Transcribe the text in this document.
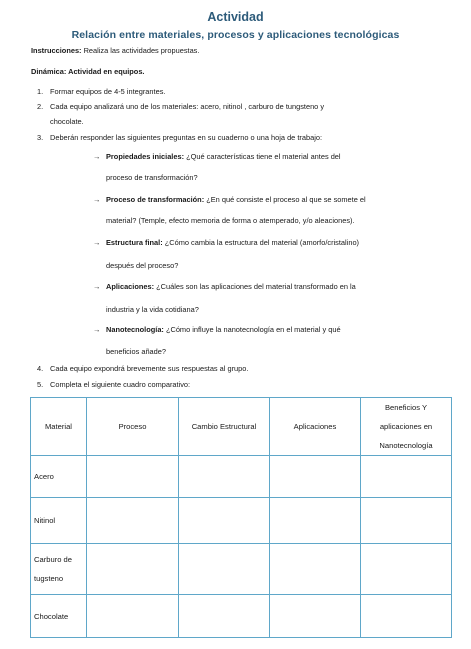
Actividad
Relación entre materiales, procesos y aplicaciones tecnológicas
Instrucciones: Realiza las actividades propuestas.
Dinámica: Actividad en equipos.
1. Formar equipos de 4-5 integrantes.
2. Cada equipo analizará uno de los materiales: acero, nitinol , carburo de tungsteno y
chocolate.
3. Deberán responder las siguientes preguntas en su cuaderno o una hoja de trabajo:
→ Propiedades iniciales: ¿Qué características tiene el material antes del
proceso de transformación?
→ Proceso de transformación: ¿En qué consiste el proceso al que se somete el
material? (Temple, efecto memoria de forma o atemperado, y/o aleaciones).
→ Estructura final: ¿Cómo cambia la estructura del material (amorfo/cristalino)
después del proceso?
→ Aplicaciones: ¿Cuáles son las aplicaciones del material transformado en la
industria y la vida cotidiana?
→ Nanotecnología: ¿Cómo influye la nanotecnología en el material y qué
beneficios añade?
4. Cada equipo expondrá brevemente sus respuestas al grupo.
5. Completa el siguiente cuadro comparativo:
Material	Proceso	Cambio Estructural	Aplicaciones	Beneficios Y
aplicaciones en
Nanotecnología

Acero				
Nitinol				

Carburo de
tugsteno				

Chocolate				
